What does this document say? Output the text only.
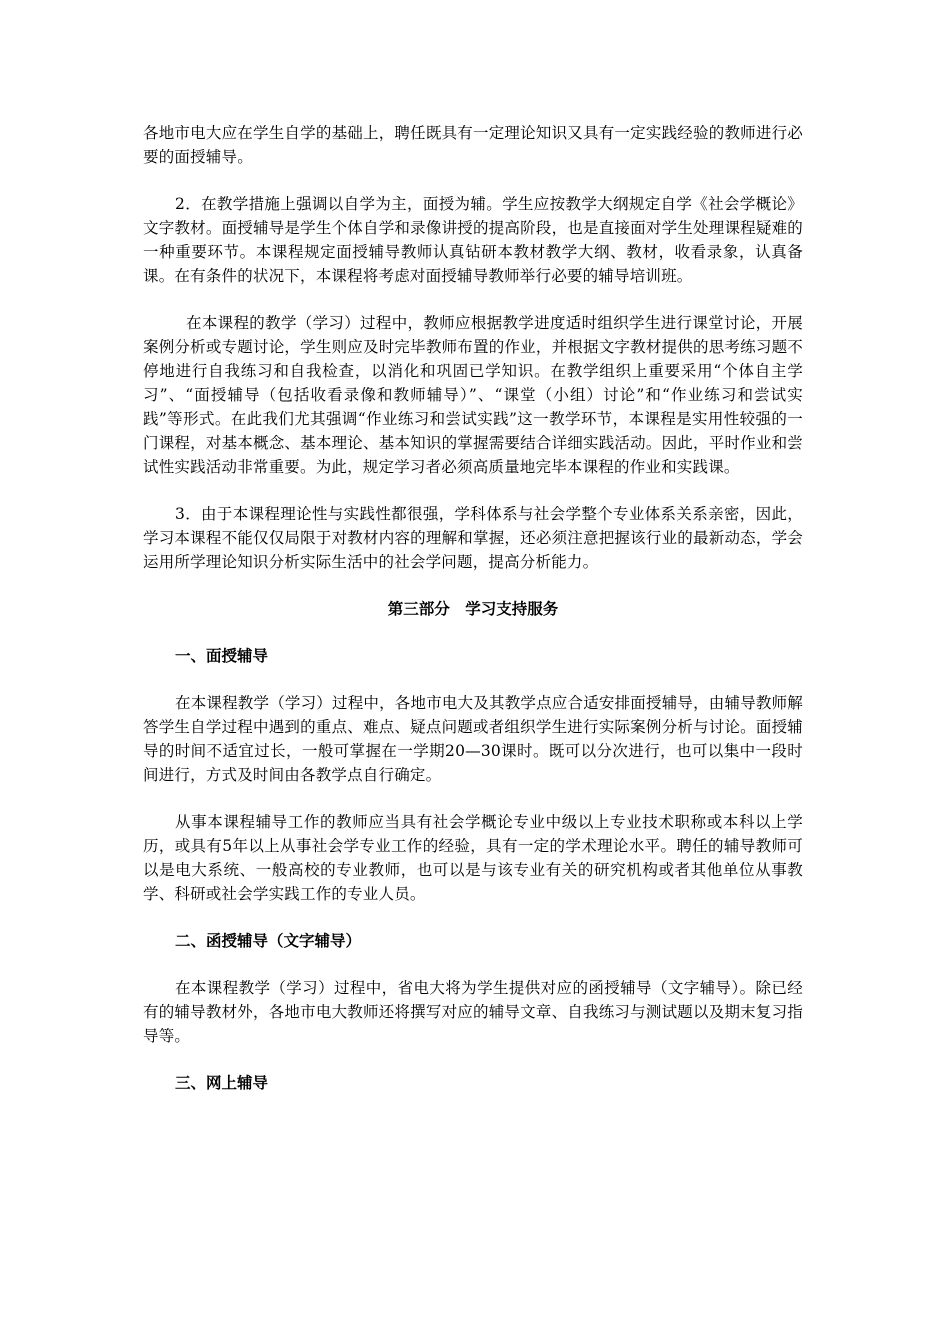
各地市电大应在学生自学的基础上，聘任既具有一定理论知识又具有一定实践经验的教师进行必要的面授辅导。

2．在教学措施上强调以自学为主，面授为辅。学生应按教学大纲规定自学《社会学概论》文字教材。面授辅导是学生个体自学和录像讲授的提高阶段，也是直接面对学生处理课程疑难的一种重要环节。本课程规定面授辅导教师认真钻研本教材教学大纲、教材，收看录象，认真备课。在有条件的状况下，本课程将考虑对面授辅导教师举行必要的辅导培训班。

在本课程的教学（学习）过程中，教师应根据教学进度适时组织学生进行课堂讨论，开展案例分析或专题讨论，学生则应及时完毕教师布置的作业，并根据文字教材提供的思考练习题不停地进行自我练习和自我检查，以消化和巩固已学知识。在教学组织上重要采用“个体自主学习”、“面授辅导（包括收看录像和教师辅导）”、“课堂（小组）讨论”和“作业练习和尝试实践”等形式。在此我们尤其强调“作业练习和尝试实践”这一教学环节，本课程是实用性较强的一门课程，对基本概念、基本理论、基本知识的掌握需要结合详细实践活动。因此，平时作业和尝试性实践活动非常重要。为此，规定学习者必须高质量地完毕本课程的作业和实践课。

3．由于本课程理论性与实践性都很强，学科体系与社会学整个专业体系关系亲密，因此，学习本课程不能仅仅局限于对教材内容的理解和掌握，还必须注意把握该行业的最新动态，学会运用所学理论知识分析实际生活中的社会学问题，提高分析能力。

第三部分　学习支持服务

一、面授辅导

在本课程教学（学习）过程中，各地市电大及其教学点应合适安排面授辅导，由辅导教师解答学生自学过程中遇到的重点、难点、疑点问题或者组织学生进行实际案例分析与讨论。面授辅导的时间不适宜过长，一般可掌握在一学期20—30课时。既可以分次进行，也可以集中一段时间进行，方式及时间由各教学点自行确定。

从事本课程辅导工作的教师应当具有社会学概论专业中级以上专业技术职称或本科以上学历，或具有5年以上从事社会学专业工作的经验，具有一定的学术理论水平。聘任的辅导教师可以是电大系统、一般高校的专业教师，也可以是与该专业有关的研究机构或者其他单位从事教学、科研或社会学实践工作的专业人员。

二、函授辅导（文字辅导）

在本课程教学（学习）过程中，省电大将为学生提供对应的函授辅导（文字辅导）。除已经有的辅导教材外，各地市电大教师还将撰写对应的辅导文章、自我练习与测试题以及期末复习指导等。

三、网上辅导
